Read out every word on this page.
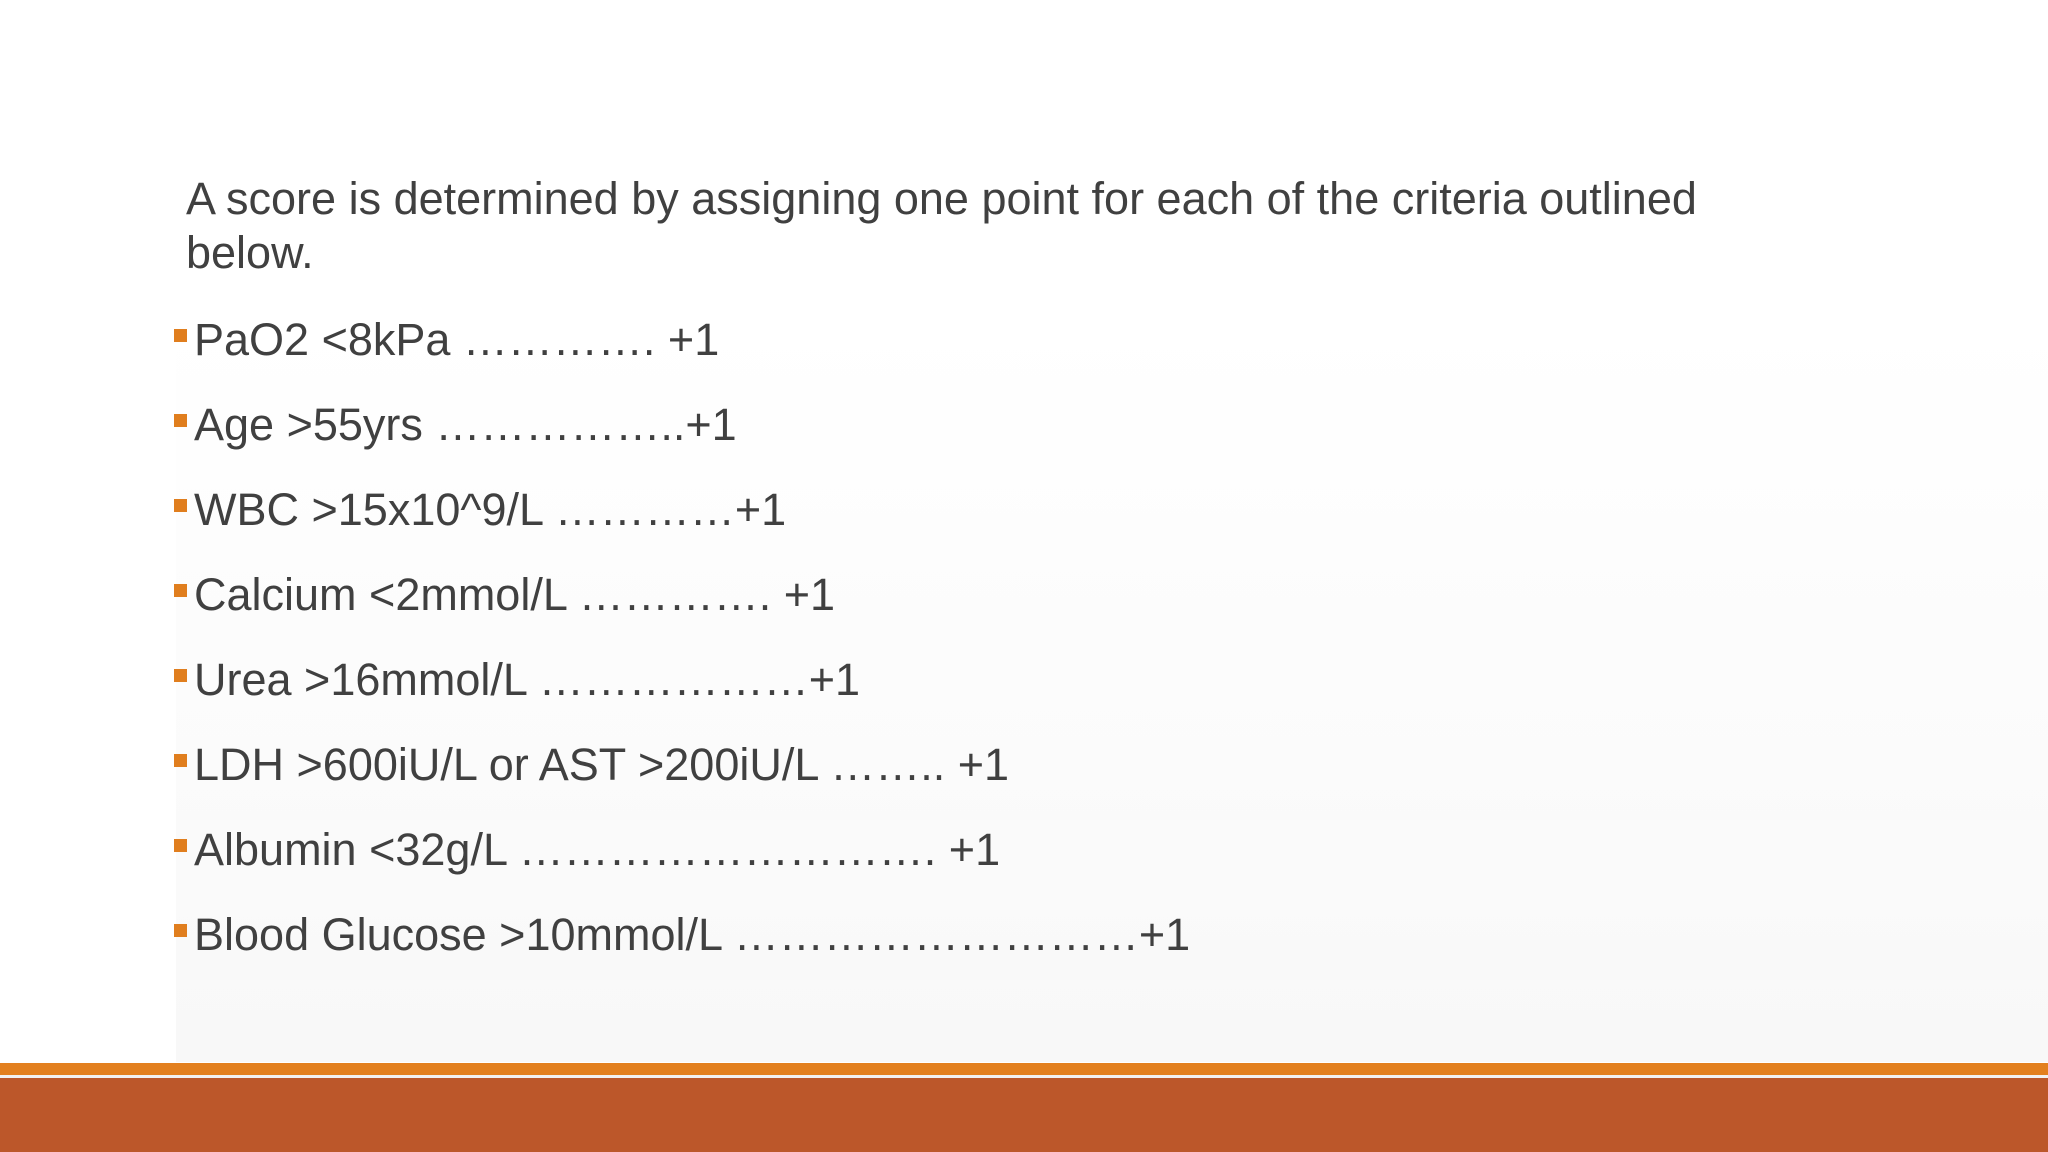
A score is determined by assigning one point for each of the criteria outlined below.

PaO2 <8kPa …………. +1
Age >55yrs ……………..+1
WBC >15x10^9/L …………+1
Calcium <2mmol/L …………. +1
Urea >16mmol/L ………………+1
LDH >600iU/L or AST >200iU/L …….. +1
Albumin <32g/L ………………………. +1
Blood Glucose >10mmol/L ………………………+1
